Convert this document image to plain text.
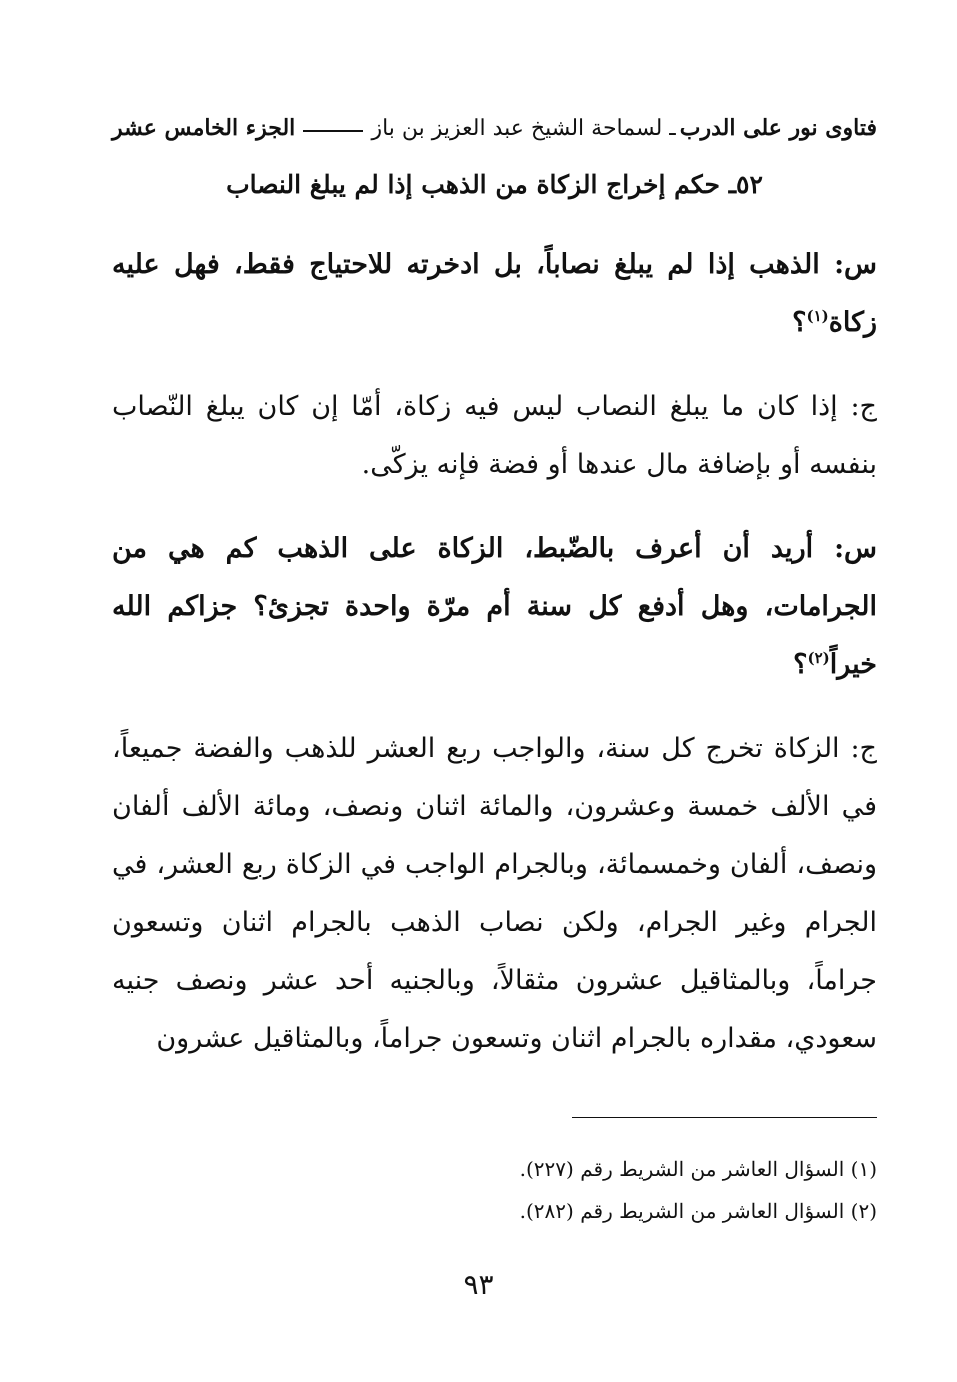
فتاوى نور على الدرب
ـ لسماحة الشيخ عبد العزيز بن باز
الجزء الخامس عشر
٥٢ـ حكم إخراج الزكاة من الذهب إذا لم يبلغ النصاب

س: الذهب إذا لم يبلغ نصاباً، بل ادخرته للاحتياج فقط، فهل عليه زكاة$^{(١)}$؟

ج: إذا كان ما يبلغ النصاب ليس فيه زكاة، أمّا إن كان يبلغ النّصاب بنفسه أو بإضافة مال عندها أو فضة فإنه يزكّى.

س: أريد أن أعرف بالضّبط، الزكاة على الذهب كم هي من الجرامات، وهل أدفع كل سنة أم مرّة واحدة تجزئ؟ جزاكم الله خيراً$^{(٢)}$؟

ج: الزكاة تخرج كل سنة، والواجب ربع العشر للذهب والفضة جميعاً، في الألف خمسة وعشرون، والمائة اثنان ونصف، ومائة الألف ألفان ونصف، ألفان وخمسمائة، وبالجرام الواجب في الزكاة ربع العشر، في الجرام وغير الجرام، ولكن نصاب الذهب بالجرام اثنان وتسعون جراماً، وبالمثاقيل عشرون مثقالاً، وبالجنيه أحد عشر ونصف جنيه سعودي، مقداره بالجرام اثنان وتسعون جراماً، وبالمثاقيل عشرون

(١) السؤال العاشر من الشريط رقم (٢٢٧).
(٢) السؤال العاشر من الشريط رقم (٢٨٢).
٩٣
